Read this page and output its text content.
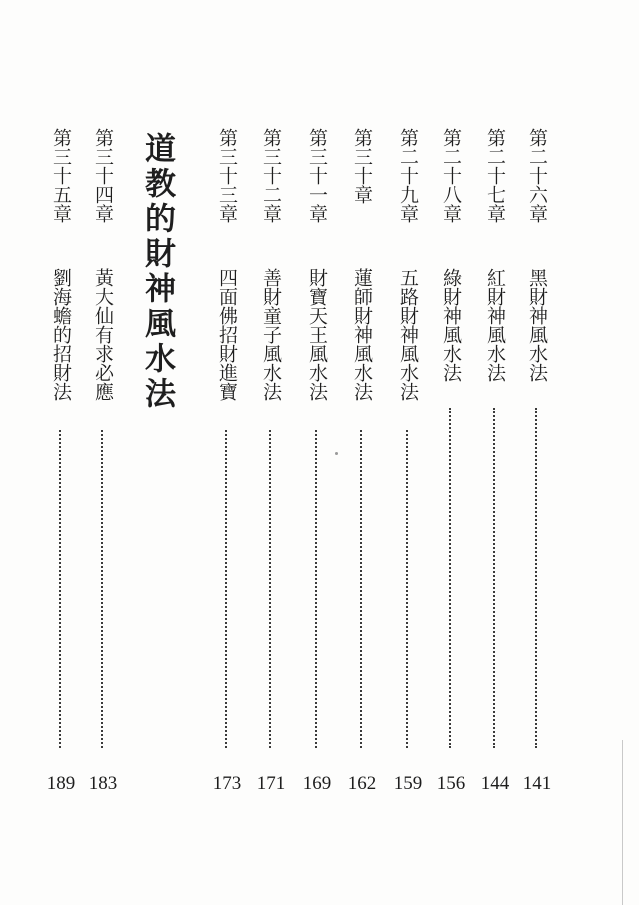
第二十六章
黑財神風水法
141
第二十七章
紅財神風水法
144
第二十八章
綠財神風水法
156
第二十九章
五路財神風水法
159
第三十章
蓮師財神風水法
162
第三十一章
財寶天王風水法
169
第三十二章
善財童子風水法
171
第三十三章
四面佛招財進寶
173
道教的財神風水法
第三十四章
黃大仙有求必應
183
第三十五章
劉海蟾的招財法
189
